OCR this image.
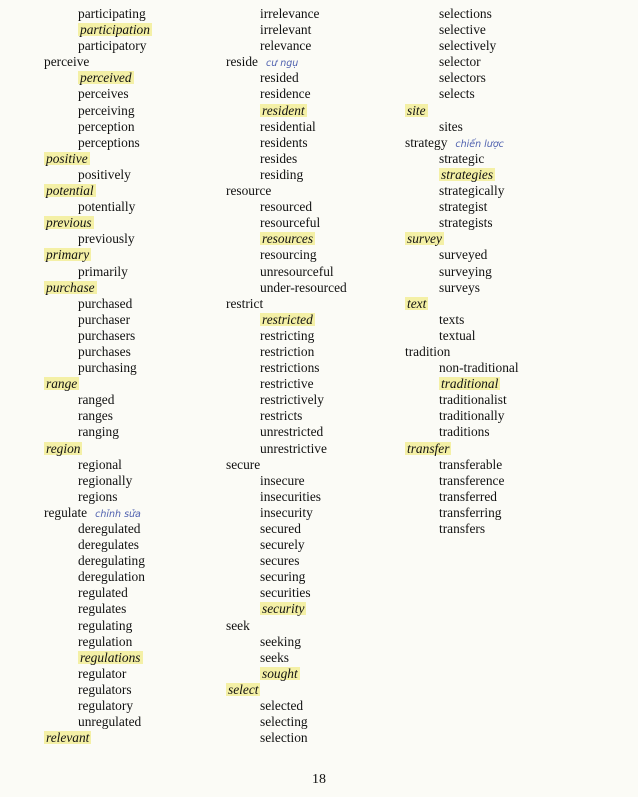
participating
participation
participatory
perceive
perceived
perceives
perceiving
perception
perceptions
positive
positively
potential
potentially
previous
previously
primary
primarily
purchase
purchased
purchaser
purchasers
purchases
purchasing
range
ranged
ranges
ranging
region
regional
regionally
regions
regulate chỉnh sửa
deregulated
deregulates
deregulating
deregulation
regulated
regulates
regulating
regulation
regulations
regulator
regulators
regulatory
unregulated
relevant
irrelevance
irrelevant
relevance
reside cư ngụ
resided
residence
resident
residential
residents
resides
residing
resource
resourced
resourceful
resources
resourcing
unresourceful
under-resourced
restrict
restricted
restricting
restriction
restrictions
restrictive
restrictively
restricts
unrestricted
unrestrictive
secure
insecure
insecurities
insecurity
secured
securely
secures
securing
securities
security
seek
seeking
seeks
sought
select
selected
selecting
selection
selections
selective
selectively
selector
selectors
selects
site
sites
strategy chiến lược
strategic
strategies
strategically
strategist
strategists
survey
surveyed
surveying
surveys
text
texts
textual
tradition
non-traditional
traditional
traditionalist
traditionally
traditions
transfer
transferable
transference
transferred
transferring
transfers
18
